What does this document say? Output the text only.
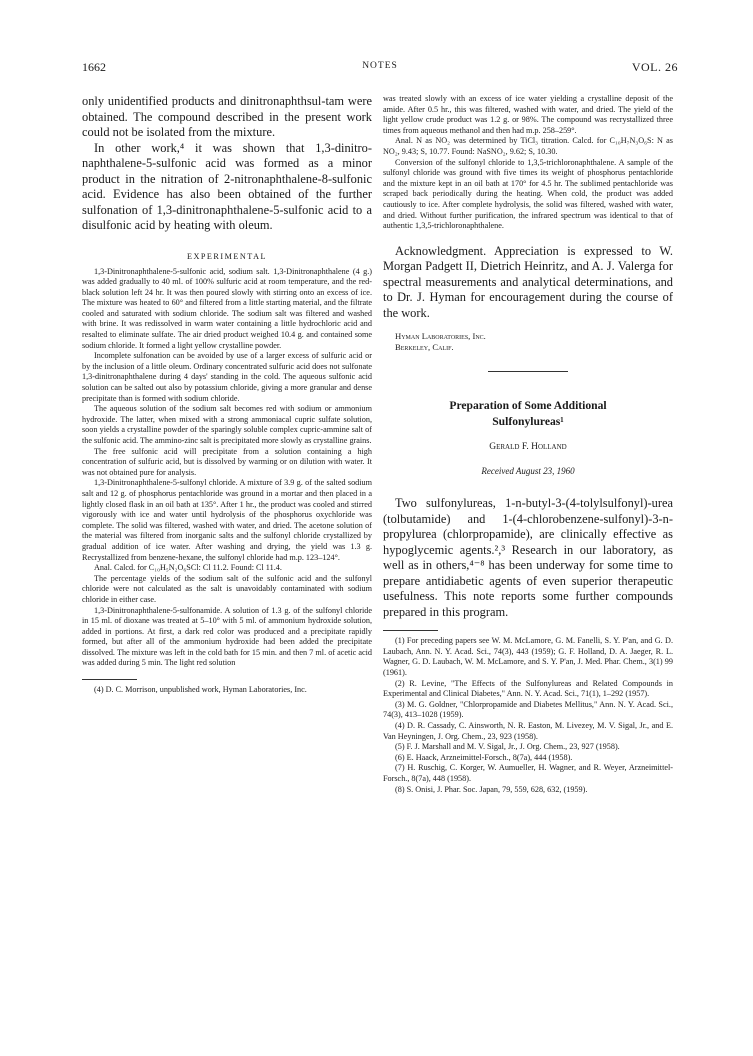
1662	NOTES	VOL. 26

only unidentified products and dinitronaphthsul-tam were obtained. The compound described in the present work could not be isolated from the mixture.

In other work,⁴ it was shown that 1,3-dinitro-naphthalene-5-sulfonic acid was formed as a minor product in the nitration of 2-nitronaphthalene-8-sulfonic acid. Evidence has also been obtained of the further sulfonation of 1,3-dinitronaphthalene-5-sulfonic acid to a disulfonic acid by heating with oleum.

EXPERIMENTAL

1,3-Dinitronaphthalene-5-sulfonic acid, sodium salt. 1,3-Dinitronaphthalene (4 g.) was added gradually to 40 ml. of 100% sulfuric acid at room temperature, and the red-black solution left 24 hr. It was then poured slowly with stirring onto an excess of ice. The mixture was heated to 60° and filtered from a little starting material, and the filtrate cooled and saturated with sodium chloride. The sodium salt was filtered and washed with brine. It was redissolved in warm water containing a little hydrochloric acid and resalted to eliminate sulfate. The air dried product weighed 10.4 g. and contained some sodium chloride. It formed a light yellow crystalline powder.

Incomplete sulfonation can be avoided by use of a larger excess of sulfuric acid or by the inclusion of a little oleum. Ordinary concentrated sulfuric acid does not sulfonate 1,3-dinitronaphthalene during 4 days' standing in the cold. The aqueous sulfonic acid solution can be salted out also by potassium chloride, giving a more granular and dense precipitate than is formed with sodium chloride.

The aqueous solution of the sodium salt becomes red with sodium or ammonium hydroxide. The latter, when mixed with a strong ammoniacal cupric sulfate solution, soon yields a crystalline powder of the sparingly soluble complex cupric-ammine salt of the sulfonic acid. The ammino-zinc salt is precipitated more slowly as crystalline grains.

The free sulfonic acid will precipitate from a solution containing a high concentration of sulfuric acid, but is dissolved by warming or on dilution with water. It was not obtained pure for analysis.

1,3-Dinitronaphthalene-5-sulfonyl chloride. A mixture of 3.9 g. of the salted sodium salt and 12 g. of phosphorus pentachloride was ground in a mortar and then placed in a lightly closed flask in an oil bath at 135°. After 1 hr., the product was cooled and stirred vigorously with ice and water until hydrolysis of the phosphorus oxychloride was complete. The solid was filtered, washed with water, and dried. The acetone solution of the material was filtered from inorganic salts and the sulfonyl chloride crystallized by gradual addition of ice water. After washing and drying, the yield was 1.3 g. Recrystallized from benzene-hexane, the sulfonyl chloride had m.p. 123–124°.

Anal. Calcd. for C₁₀H₅N₂O₆SCl: Cl 11.2. Found: Cl 11.4.

The percentage yields of the sodium salt of the sulfonic acid and the sulfonyl chloride were not calculated as the salt is unavoidably contaminated with sodium chloride in either case.

1,3-Dinitronaphthalene-5-sulfonamide. A solution of 1.3 g. of the sulfonyl chloride in 15 ml. of dioxane was treated at 5–10° with 5 ml. of ammonium hydroxide solution, added in portions. At first, a dark red color was produced and a precipitate rapidly formed, but after all of the ammonium hydroxide had been added the precipitate dissolved. The mixture was left in the cold bath for 15 min. and then 7 ml. of acetic acid was added during 5 min. The light red solution

(4) D. C. Morrison, unpublished work, Hyman Laboratories, Inc.

was treated slowly with an excess of ice water yielding a crystalline deposit of the amide. After 0.5 hr., this was filtered, washed with water, and dried. The yield of the light yellow crude product was 1.2 g. or 98%. The compound was recrystallized three times from aqueous methanol and then had m.p. 258–259°.

Anal. N as NO₂ was determined by TiCl₃ titration. Calcd. for C₁₀H₇N₃O₆S: N as NO₂, 9.43; S, 10.77. Found: NaSNO₂, 9.62; S, 10.30.

Conversion of the sulfonyl chloride to 1,3,5-trichloronaphthalene. A sample of the sulfonyl chloride was ground with five times its weight of phosphorus pentachloride and the mixture kept in an oil bath at 170° for 4.5 hr. The sublimed pentachloride was scraped back periodically during the heating. When cold, the product was added cautiously to ice. After complete hydrolysis, the solid was filtered, washed with water, and dried. Without further purification, the infrared spectrum was identical to that of authentic 1,3,5-trichloronaphthalene.

Acknowledgment. Appreciation is expressed to W. Morgan Padgett II, Dietrich Heinritz, and A. J. Valerga for spectral measurements and analytical determinations, and to Dr. J. Hyman for encouragement during the course of the work.

Hyman Laboratories, Inc.

Berkeley, Calif.

Preparation of Some Additional
Sulfonylureas¹
Gerald F. Holland
Received August 23, 1960

Two sulfonylureas, 1-n-butyl-3-(4-tolylsulfonyl)-urea (tolbutamide) and 1-(4-chlorobenzene-sulfonyl)-3-n-propylurea (chlorpropamide), are clinically effective as hypoglycemic agents.²,³ Research in our laboratory, as well as in others,⁴⁻⁸ has been underway for some time to prepare antidiabetic agents of even superior therapeutic usefulness. This note reports some further compounds prepared in this program.

(1) For preceding papers see W. M. McLamore, G. M. Fanelli, S. Y. P'an, and G. D. Laubach, Ann. N. Y. Acad. Sci., 74(3), 443 (1959); G. F. Holland, D. A. Jaeger, R. L. Wagner, G. D. Laubach, W. M. McLamore, and S. Y. P'an, J. Med. Phar. Chem., 3(1) 99 (1961).

(2) R. Levine, "The Effects of the Sulfonylureas and Related Compounds in Experimental and Clinical Diabetes," Ann. N. Y. Acad. Sci., 71(1), 1–292 (1957).

(3) M. G. Goldner, "Chlorpropamide and Diabetes Mellitus," Ann. N. Y. Acad. Sci., 74(3), 413–1028 (1959).

(4) D. R. Cassady, C. Ainsworth, N. R. Easton, M. Livezey, M. V. Sigal, Jr., and E. Van Heyningen, J. Org. Chem., 23, 923 (1958).

(5) F. J. Marshall and M. V. Sigal, Jr., J. Org. Chem., 23, 927 (1958).

(6) E. Haack, Arzneimittel-Forsch., 8(7a), 444 (1958).

(7) H. Ruschig, C. Korger, W. Aumueller, H. Wagner, and R. Weyer, Arzneimittel-Forsch., 8(7a), 448 (1958).

(8) S. Onisi, J. Phar. Soc. Japan, 79, 559, 628, 632, (1959).
